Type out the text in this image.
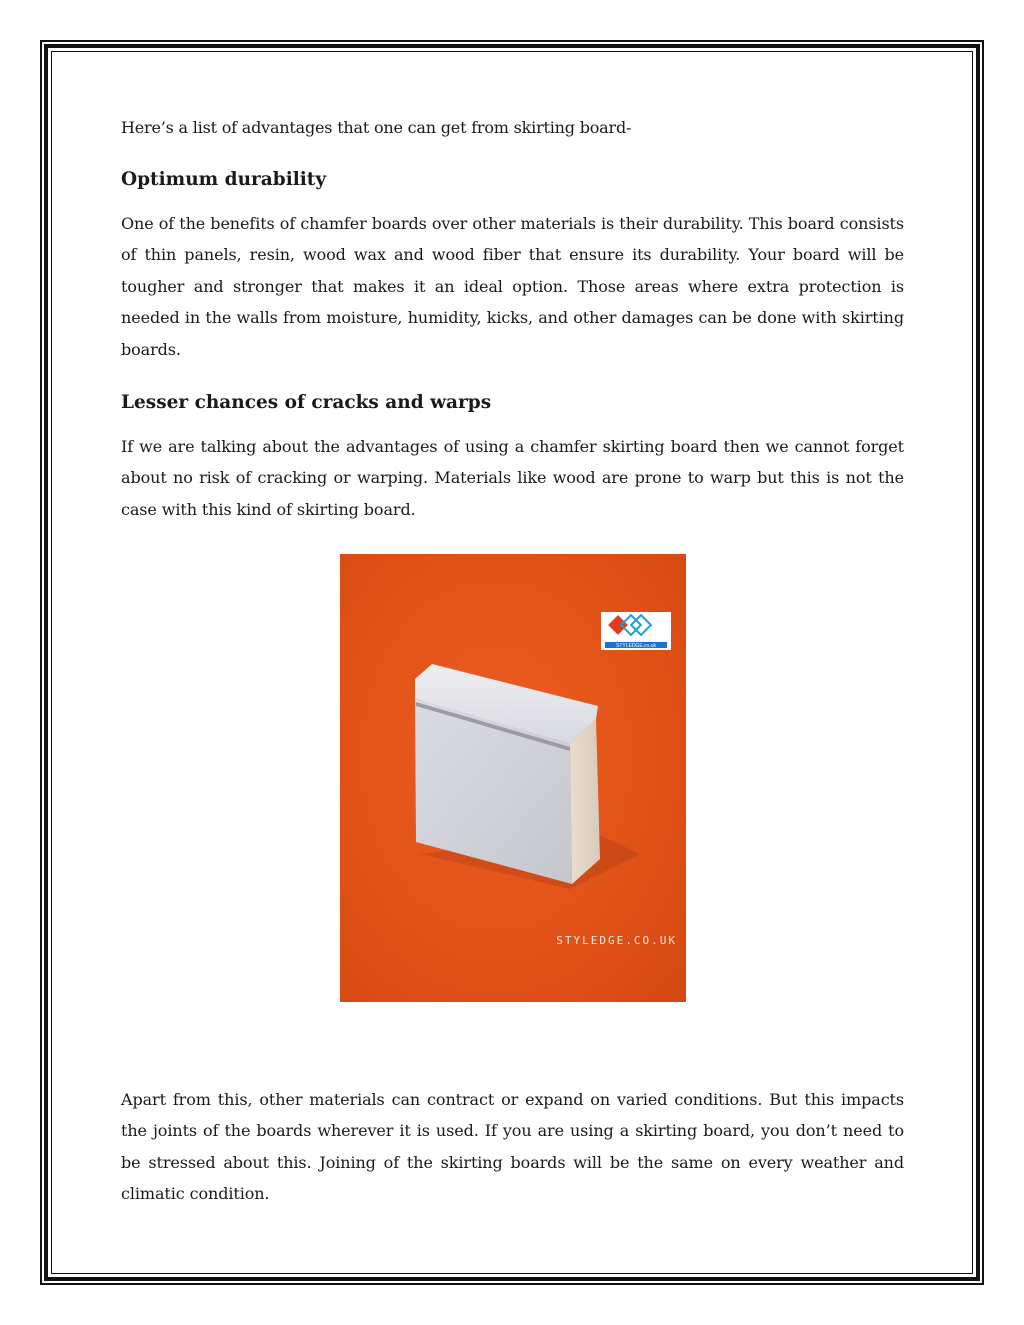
Here’s a list of advantages that one can get from skirting board-

Optimum durability

One of the benefits of chamfer boards over other materials is their durability. This board consists of thin panels, resin, wood wax and wood fiber that ensure its durability. Your board will be tougher and stronger that makes it an ideal option. Those areas where extra protection is needed in the walls from moisture, humidity, kicks, and other damages can be done with skirting boards.

Lesser chances of cracks and warps

If we are talking about the advantages of using a chamfer skirting board then we cannot forget about no risk of cracking or warping. Materials like wood are prone to warp but this is not the case with this kind of skirting board.

STYLEDGE.co.uk
STYLEDGE.CO.UK

Apart from this, other materials can contract or expand on varied conditions. But this impacts the joints of the boards wherever it is used. If you are using a skirting board, you don’t need to be stressed about this. Joining of the skirting boards will be the same on every weather and climatic condition.
